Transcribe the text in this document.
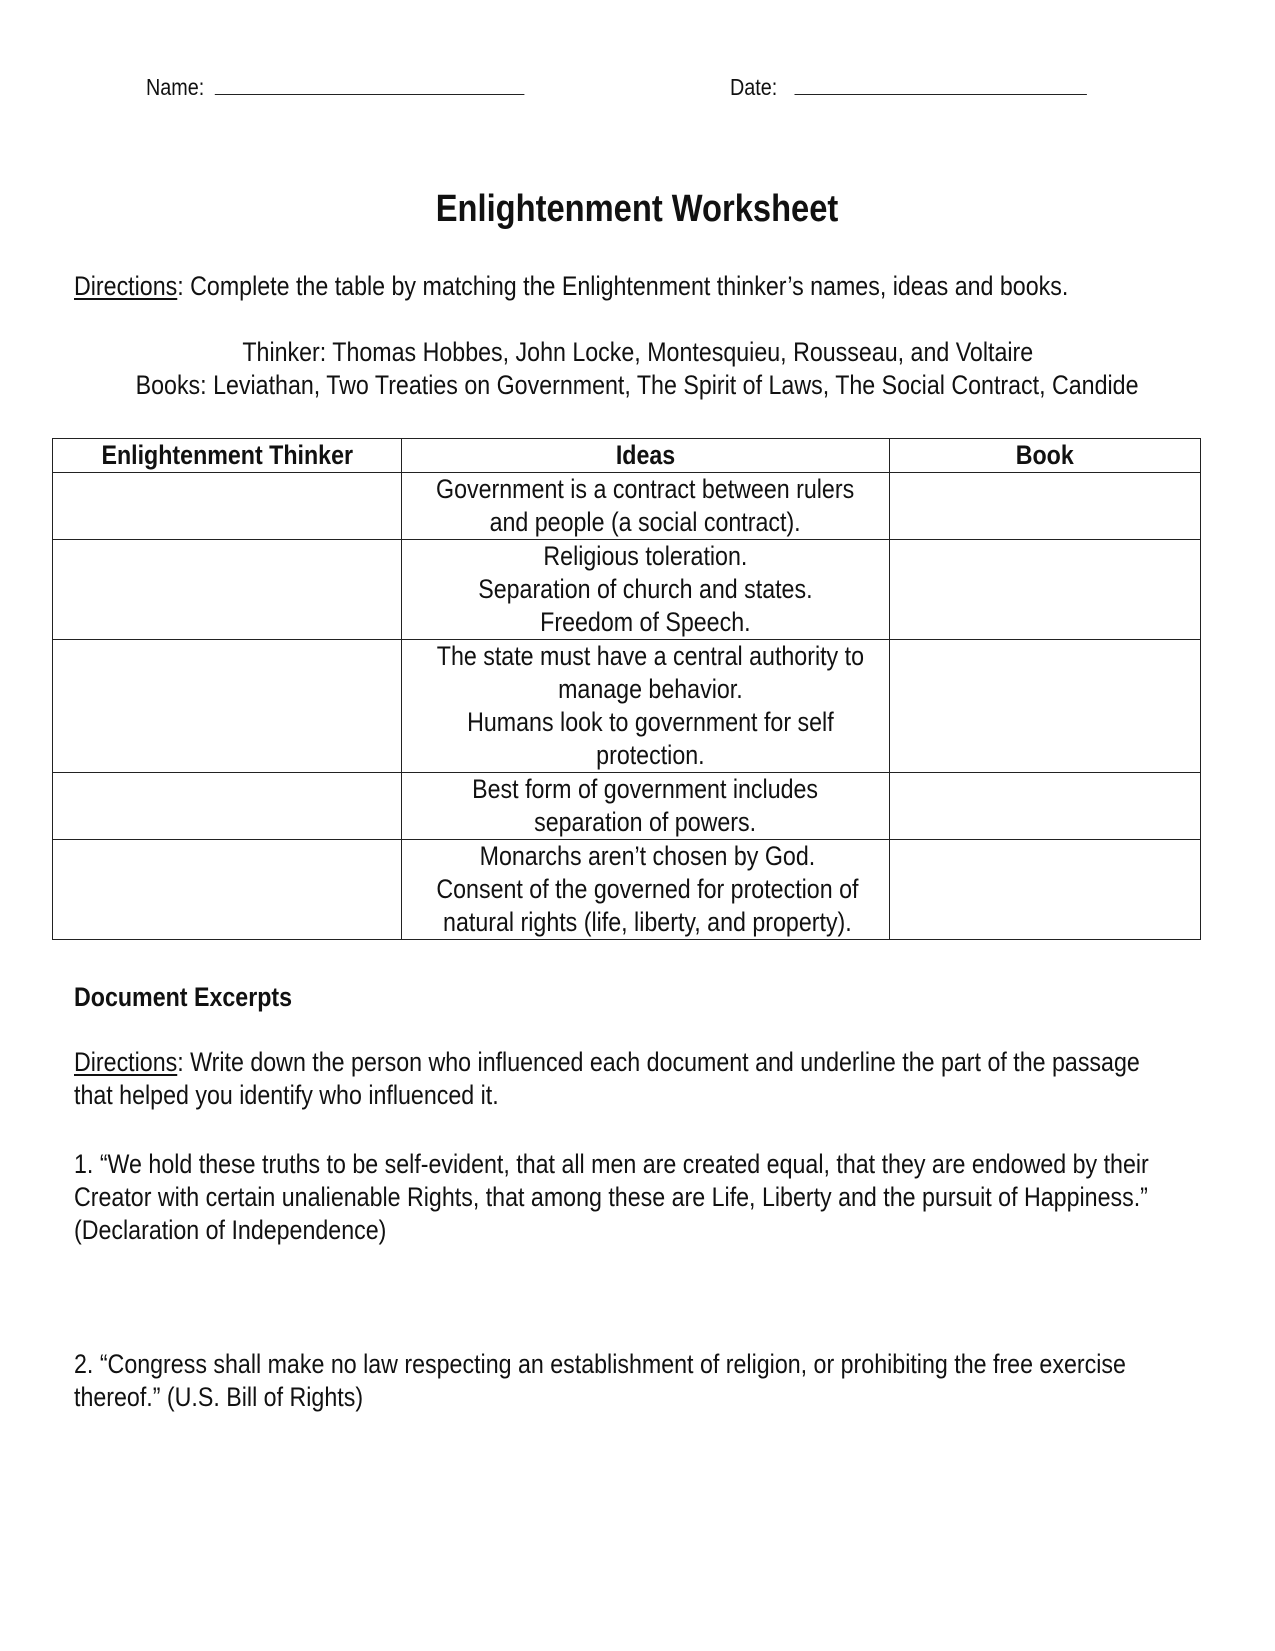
Name:	Date:
Enlightenment Worksheet
Directions: Complete the table by matching the Enlightenment thinker’s names, ideas and books.
Thinker: Thomas Hobbes, John Locke, Montesquieu, Rousseau, and Voltaire
Books: Leviathan, Two Treaties on Government, The Spirit of Laws, The Social Contract, Candide
Enlightenment Thinker	Ideas	Book

	Government is a contract between rulers
and people (a social contract).	

	Religious toleration.
Separation of church and states.
Freedom of Speech.	

	The state must have a central authority to
manage behavior.
Humans look to government for self
protection.	

	Best form of government includes
separation of powers.	

	Monarchs aren’t chosen by God.
Consent of the governed for protection of
natural rights (life, liberty, and property).	

Document Excerpts
Directions: Write down the person who influenced each document and underline the part of the passage
that helped you identify who influenced it.
1. “We hold these truths to be self-evident, that all men are created equal, that they are endowed by their
Creator with certain unalienable Rights, that among these are Life, Liberty and the pursuit of Happiness.”
(Declaration of Independence)
2. “Congress shall make no law respecting an establishment of religion, or prohibiting the free exercise
thereof.” (U.S. Bill of Rights)
